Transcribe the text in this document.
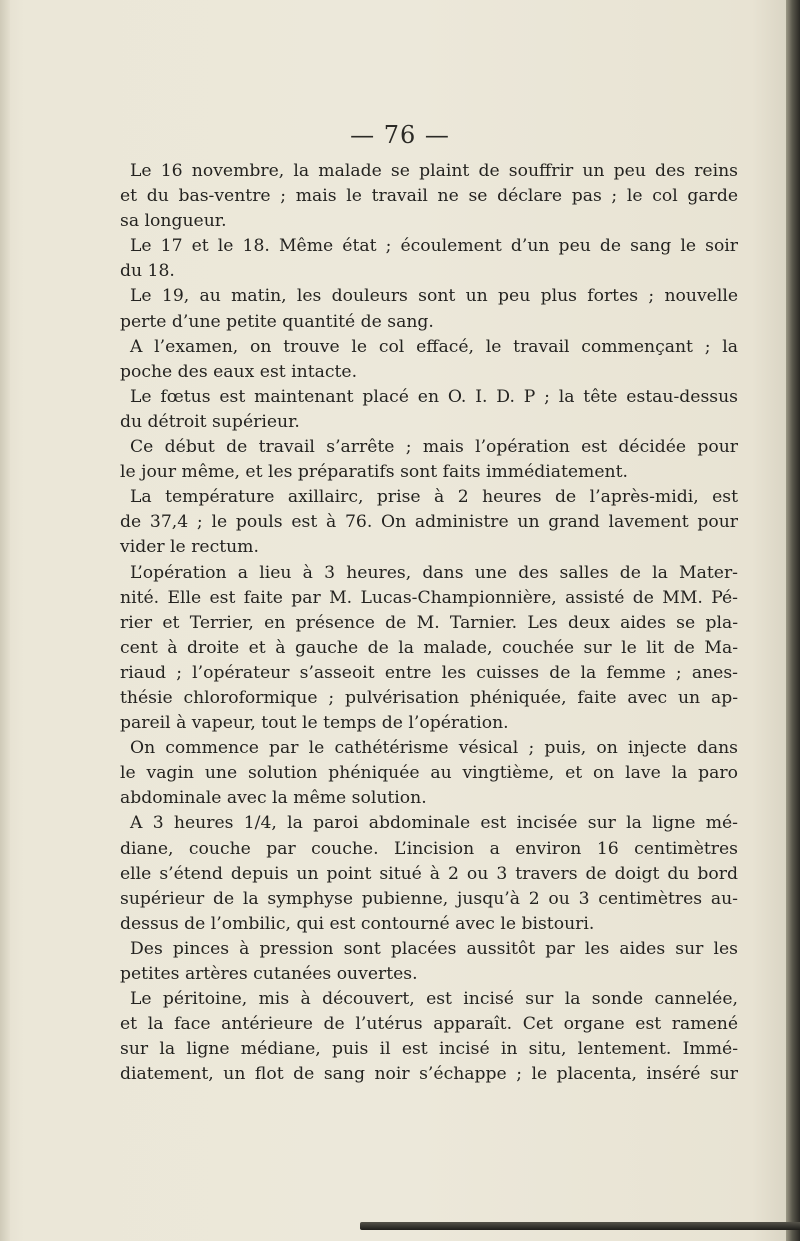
— 76 —
Le 16 novembre, la malade se plaint de souffrir un peu des reins
et du bas-ventre ; mais le travail ne se déclare pas ; le col garde
sa longueur.
Le 17 et le 18. Même état ; écoulement d’un peu de sang le soir
du 18.
Le 19, au matin, les douleurs sont un peu plus fortes ; nouvelle
perte d’une petite quantité de sang.
A l’examen, on trouve le col effacé, le travail commençant ; la
poche des eaux est intacte.
Le fœtus est maintenant placé en O. I. D. P ; la tête estau-dessus
du détroit supérieur.
Ce début de travail s’arrête ; mais l’opération est décidée pour
le jour même, et les préparatifs sont faits immédiatement.
La température axillairc, prise à 2 heures de l’après-midi, est
de 37,4 ; le pouls est à 76. On administre un grand lavement pour
vider le rectum.
L’opération a lieu à 3 heures, dans une des salles de la Mater-
nité. Elle est faite par M. Lucas-Championnière, assisté de MM. Pé-
rier et Terrier, en présence de M. Tarnier. Les deux aides se pla-
cent à droite et à gauche de la malade, couchée sur le lit de Ma-
riaud ; l’opérateur s’asseoit entre les cuisses de la femme ; anes-
thésie chloroformique ; pulvérisation phéniquée, faite avec un ap-
pareil à vapeur, tout le temps de l’opération.
On commence par le cathétérisme vésical ; puis, on injecte dans
le vagin une solution phéniquée au vingtième, et on lave la paro
abdominale avec la même solution.
A 3 heures 1/4, la paroi abdominale est incisée sur la ligne mé-
diane, couche par couche. L’incision a environ 16 centimètres
elle s’étend depuis un point situé à 2 ou 3 travers de doigt du bord
supérieur de la symphyse pubienne, jusqu’à 2 ou 3 centimètres au-
dessus de l’ombilic, qui est contourné avec le bistouri.
Des pinces à pression sont placées aussitôt par les aides sur les
petites artères cutanées ouvertes.
Le péritoine, mis à découvert, est incisé sur la sonde cannelée,
et la face antérieure de l’utérus apparaît. Cet organe est ramené
sur la ligne médiane, puis il est incisé in situ, lentement. Immé-
diatement, un flot de sang noir s’échappe ; le placenta, inséré sur
